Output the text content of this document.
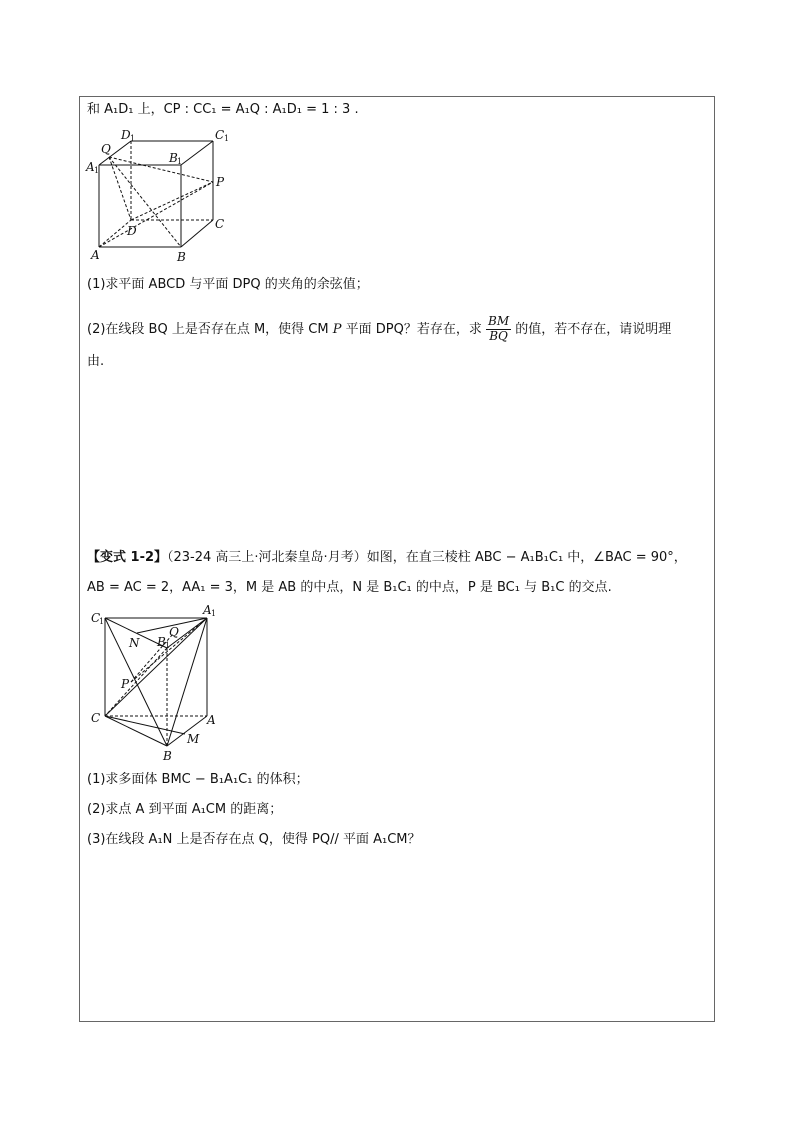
和 A₁D₁ 上，CP : CC₁ = A₁Q : A₁D₁ = 1 : 3 .
D 1	C 1
Q
B 1
A 1
P
D	C
A	B
(1)求平面 ABCD 与平面 DPQ 的夹角的余弦值；
(2)在线段 BQ 上是否存在点 M，使得 CM P 平面 DPQ？若存在，求 $\frac{BM}{BQ}$ 的值，若不存在，请说明理
由.
【变式 1-2】（23-24 高三上·河北秦皇岛·月考）如图，在直三棱柱 ABC − A₁B₁C₁ 中，∠BAC = 90°，
AB = AC = 2，AA₁ = 3，M 是 AB 的中点，N 是 B₁C₁ 的中点，P 是 BC₁ 与 B₁C 的交点.
C
1
A 1
Q
N B 1
P
C	A
M
B
(1)求多面体 BMC − B₁A₁C₁ 的体积；
(2)求点 A 到平面 A₁CM 的距离；
(3)在线段 A₁N 上是否存在点 Q，使得 PQ// 平面 A₁CM？
